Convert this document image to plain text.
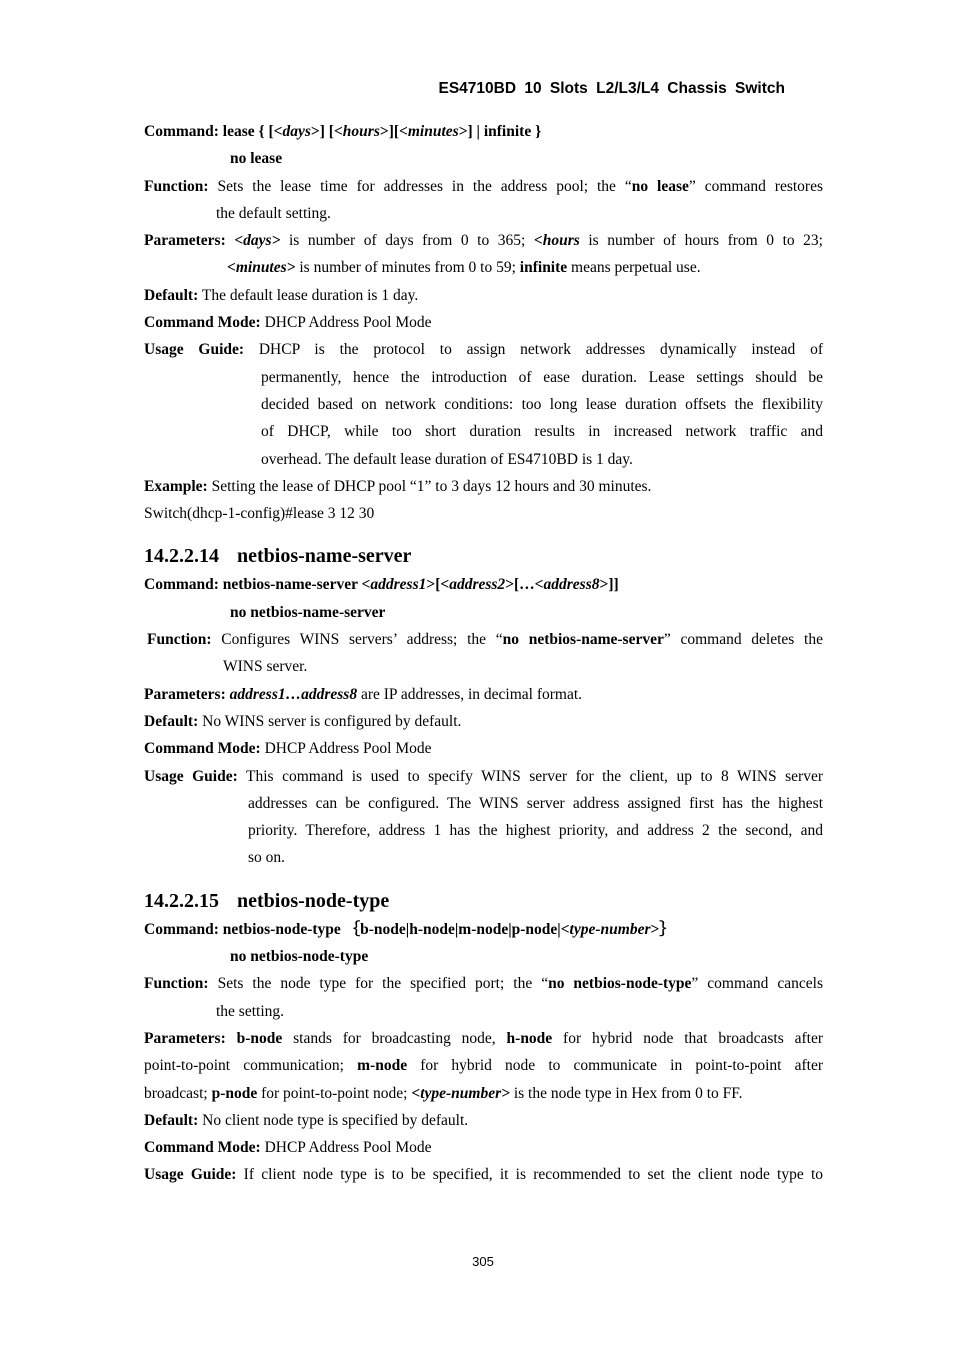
ES4710BD 10 Slots L2/L3/L4 Chassis Switch
Command: lease { [<days>] [<hours>][<minutes>] | infinite }
no lease
Function: Sets the lease time for addresses in the address pool; the “no lease” command restores
the default setting.
Parameters: <days> is number of days from 0 to 365; <hours is number of hours from 0 to 23;
<minutes> is number of minutes from 0 to 59; infinite means perpetual use.
Default: The default lease duration is 1 day.
Command Mode: DHCP Address Pool Mode
Usage Guide: DHCP is the protocol to assign network addresses dynamically instead of
permanently, hence the introduction of ease duration. Lease settings should be
decided based on network conditions: too long lease duration offsets the flexibility
of DHCP, while too short duration results in increased network traffic and
overhead. The default lease duration of ES4710BD is 1 day.
Example: Setting the lease of DHCP pool “1” to 3 days 12 hours and 30 minutes.
Switch(dhcp-1-config)#lease 3 12 30
14.2.2.14 netbios-name-server
Command: netbios-name-server <address1>[<address2>[…<address8>]]
no netbios-name-server
Function: Configures WINS servers’ address; the “no netbios-name-server” command deletes the
WINS server.
Parameters: address1…address8 are IP addresses, in decimal format.
Default: No WINS server is configured by default.
Command Mode: DHCP Address Pool Mode
Usage Guide: This command is used to specify WINS server for the client, up to 8 WINS server
addresses can be configured. The WINS server address assigned first has the highest
priority. Therefore, address 1 has the highest priority, and address 2 the second, and
so on.
14.2.2.15 netbios-node-type
Command: netbios-node-type ｛b-node|h-node|m-node|p-node|<type-number>｝
no netbios-node-type
Function: Sets the node type for the specified port; the “no netbios-node-type” command cancels
the setting.
Parameters: b-node stands for broadcasting node, h-node for hybrid node that broadcasts after
point-to-point communication; m-node for hybrid node to communicate in point-to-point after
broadcast; p-node for point-to-point node; <type-number> is the node type in Hex from 0 to FF.
Default: No client node type is specified by default.
Command Mode: DHCP Address Pool Mode
Usage Guide: If client node type is to be specified, it is recommended to set the client node type to
305
